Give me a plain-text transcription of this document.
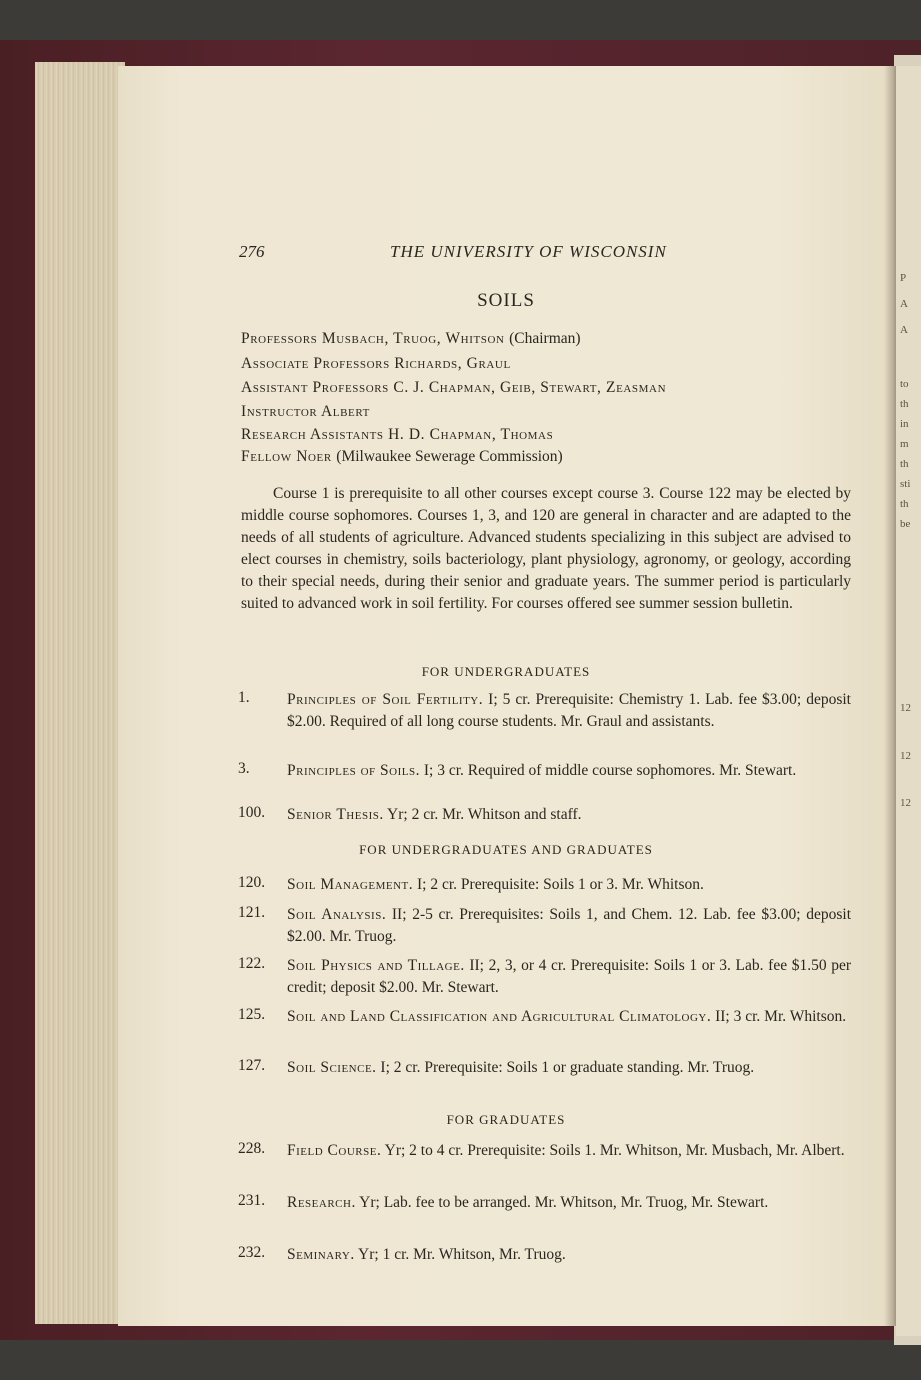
P
A
A
to
th
in
m
th
sti
th
be
12
12
12
276	THE UNIVERSITY OF WISCONSIN
SOILS
Professors Musbach, Truog, Whitson (Chairman)
Associate Professors Richards, Graul
Assistant Professors C. J. Chapman, Geib, Stewart, Zeasman
Instructor Albert
Research Assistants H. D. Chapman, Thomas
Fellow Noer (Milwaukee Sewerage Commission)
Course 1 is prerequisite to all other courses except course 3. Course 122 may be elected by middle course sophomores. Courses 1, 3, and 120 are general in character and are adapted to the needs of all students of agriculture. Advanced students specializing in this subject are advised to elect courses in chemistry, soils bacteriology, plant physiology, agronomy, or geology, according to their special needs, during their senior and graduate years. The summer period is particularly suited to advanced work in soil fertility. For courses offered see summer session bulletin.
FOR UNDERGRADUATES
1.	Principles of Soil Fertility. I; 5 cr. Prerequisite: Chemistry 1. Lab. fee $3.00; deposit $2.00. Required of all long course students. Mr. Graul and assistants.
3.	Principles of Soils. I; 3 cr. Required of middle course sophomores. Mr. Stewart.
100.	Senior Thesis. Yr; 2 cr. Mr. Whitson and staff.
FOR UNDERGRADUATES AND GRADUATES
120.	Soil Management. I; 2 cr. Prerequisite: Soils 1 or 3. Mr. Whitson.
121.	Soil Analysis. II; 2-5 cr. Prerequisites: Soils 1, and Chem. 12. Lab. fee $3.00; deposit $2.00. Mr. Truog.
122.	Soil Physics and Tillage. II; 2, 3, or 4 cr. Prerequisite: Soils 1 or 3. Lab. fee $1.50 per credit; deposit $2.00. Mr. Stewart.
125.	Soil and Land Classification and Agricultural Climatology. II; 3 cr. Mr. Whitson.
127.	Soil Science. I; 2 cr. Prerequisite: Soils 1 or graduate standing. Mr. Truog.
FOR GRADUATES
228.	Field Course. Yr; 2 to 4 cr. Prerequisite: Soils 1. Mr. Whitson, Mr. Musbach, Mr. Albert.
231.	Research. Yr; Lab. fee to be arranged. Mr. Whitson, Mr. Truog, Mr. Stewart.
232.	Seminary. Yr; 1 cr. Mr. Whitson, Mr. Truog.
